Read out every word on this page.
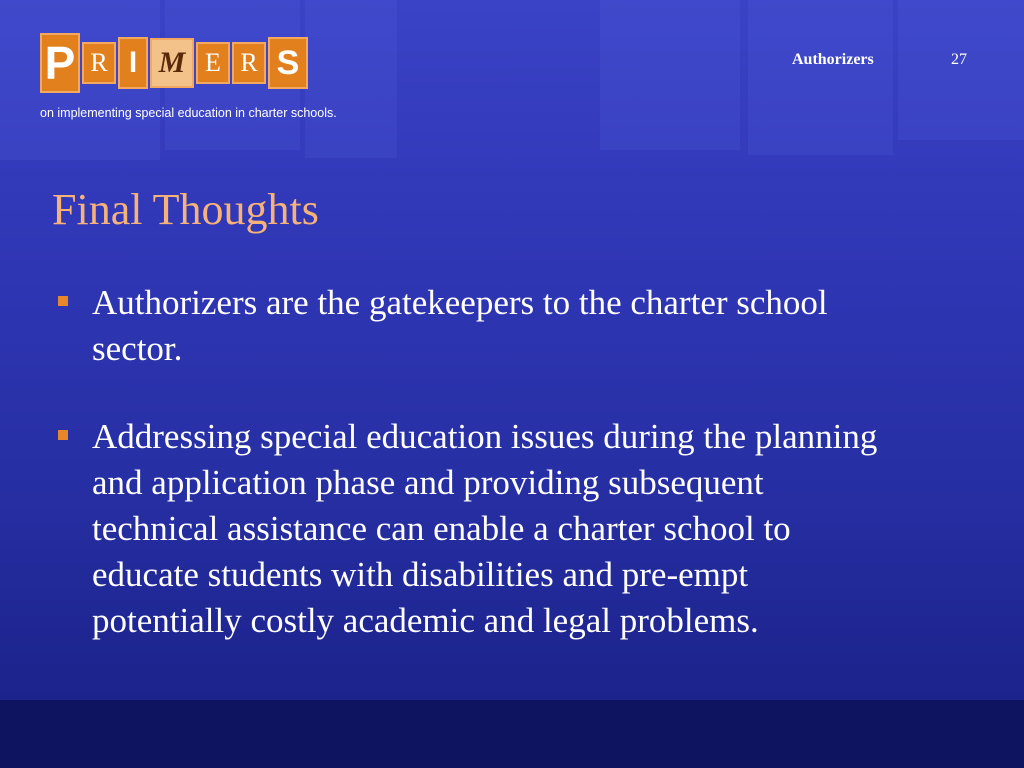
P R I M E R S
on implementing special education in charter schools.
Authorizers	27
Final Thoughts
Authorizers are the gatekeepers to the charter school sector.
Addressing special education issues during the planning and application phase and providing subsequent technical assistance can enable a charter school to educate students with disabilities and pre-empt potentially costly academic and legal problems.
